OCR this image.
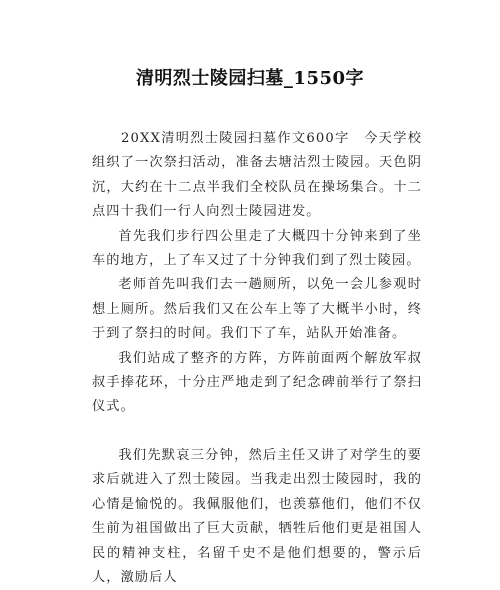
清明烈士陵园扫墓_1550字

20XX清明烈士陵园扫墓作文600字　今天学校组织了一次祭扫活动，准备去塘沽烈士陵园。天色阴沉，大约在十二点半我们全校队员在操场集合。十二点四十我们一行人向烈士陵园进发。

首先我们步行四公里走了大概四十分钟来到了坐车的地方，上了车又过了十分钟我们到了烈士陵园。

老师首先叫我们去一趟厕所，以免一会儿参观时想上厕所。然后我们又在公车上等了大概半小时，终于到了祭扫的时间。我们下了车，站队开始准备。

我们站成了整齐的方阵，方阵前面两个解放军叔叔手捧花环，十分庄严地走到了纪念碑前举行了祭扫仪式。

我们先默哀三分钟，然后主任又讲了对学生的要求后就进入了烈士陵园。当我走出烈士陵园时，我的心情是愉悦的。我佩服他们，也羡慕他们，他们不仅生前为祖国做出了巨大贡献，牺牲后他们更是祖国人民的精神支柱，名留千史不是他们想要的，警示后人，激励后人
